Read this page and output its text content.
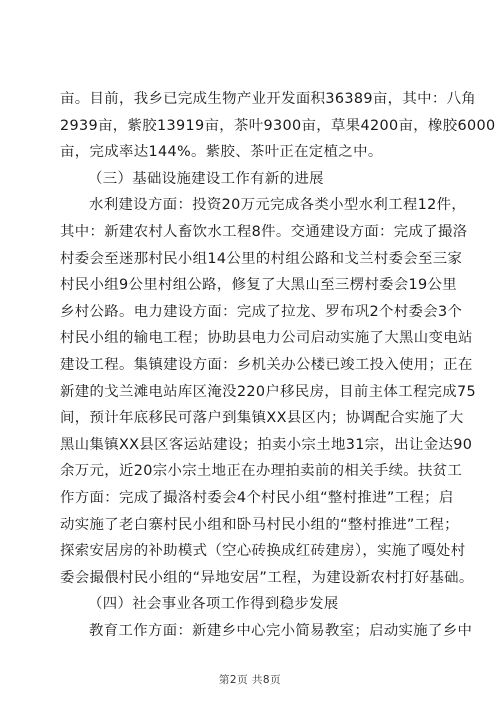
亩。目前，我乡已完成生物产业开发面积36389亩，其中：八角
2939亩，紫胶13919亩，茶叶9300亩，草果4200亩，橡胶6000
亩，完成率达144%。紫胶、茶叶正在定植之中。
（三）基础设施建设工作有新的进展
水利建设方面：投资20万元完成各类小型水利工程12件，
其中：新建农村人畜饮水工程8件。交通建设方面：完成了撮洛
村委会至迷那村民小组14公里的村组公路和戈兰村委会至三家
村民小组9公里村组公路，修复了大黑山至三楞村委会19公里
乡村公路。电力建设方面：完成了拉龙、罗布巩2个村委会3个
村民小组的输电工程；协助县电力公司启动实施了大黑山变电站
建设工程。集镇建设方面：乡机关办公楼已竣工投入使用；正在
新建的戈兰滩电站库区淹没220户移民房，目前主体工程完成75
间，预计年底移民可落户到集镇XX县区内；协调配合实施了大
黑山集镇XX县区客运站建设；拍卖小宗土地31宗，出让金达90
余万元，近20宗小宗土地正在办理拍卖前的相关手续。扶贫工
作方面：完成了撮洛村委会4个村民小组“整村推进”工程；启
动实施了老白寨村民小组和卧马村民小组的“整村推进”工程；
探索安居房的补助模式（空心砖换成红砖建房），实施了嘎处村
委会撮偎村民小组的“异地安居”工程，为建设新农村打好基础。
（四）社会事业各项工作得到稳步发展
教育工作方面：新建乡中心完小简易教室；启动实施了乡中
第2页 共8页
